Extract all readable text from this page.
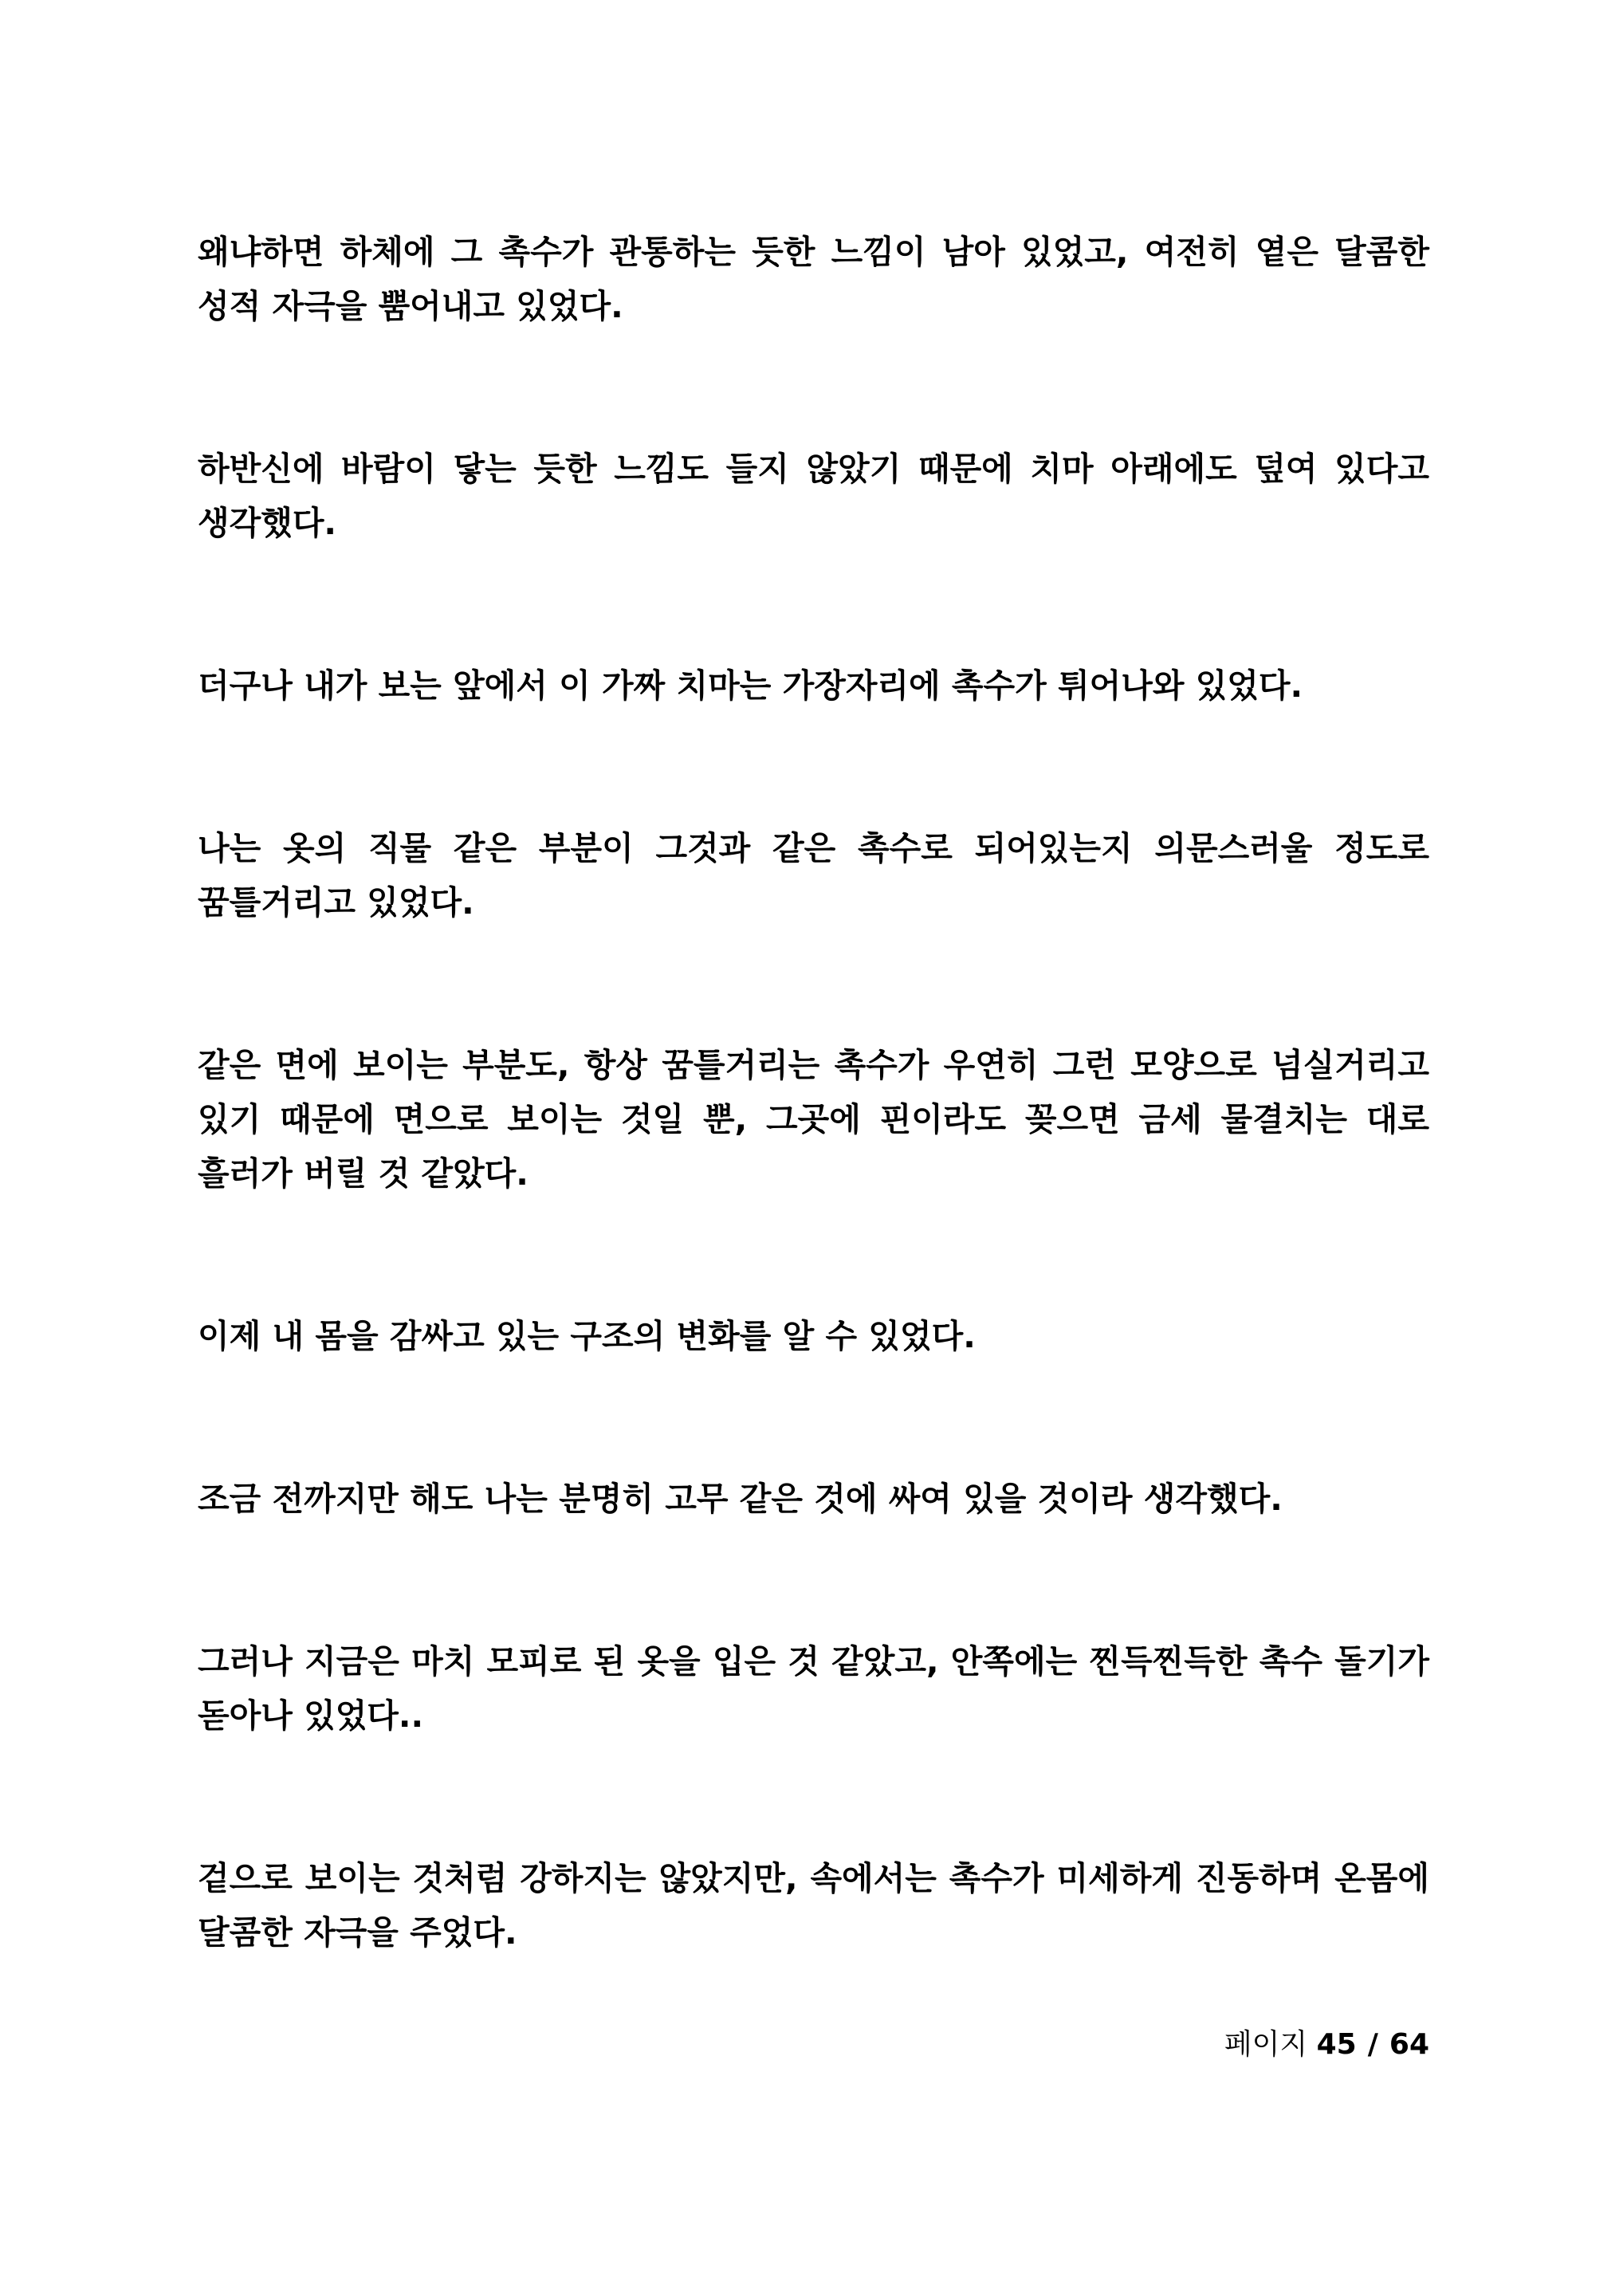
왜냐하면 하체에 그 촉수가 관통하는 듯한 느낌이 남아 있었고, 여전히 옅은 달콤한 성적 자극을 뿜어내고 있었다.

하반신에 바람이 닿는 듯한 느낌도 들지 않았기 때문에 치마 아래에도 덮여 있다고 생각했다.

더구나 내가 보는 앞에서 이 가짜 치마는 가장자리에 촉수가 튀어나와 있었다.

나는 옷의 직물 같은 부분이 그것과 같은 촉수로 되어있는지 의문스러울 정도로 꿈틀거리고 있었다.

같은 면에 보이는 부분도, 항상 꿈틀거리는 촉수가 우연히 그런 모양으로 넘실거리고 있기 때문에 면으로 보이는 것일 뿐, 그곳에 핀이라도 꽂으면 금세 물결치는 대로 흘러가 버릴 것 같았다.

이제 내 몸을 감싸고 있는 구조의 변화를 알 수 있었다.

조금 전까지만 해도 나는 분명히 고무 같은 것에 싸여 있을 것이라 생각했다.

그러나 지금은 마치 모피로 된 옷을 입은 것 같았고, 안쪽에는 찐득찐득한 촉수 돌기가 돋아나 있었다..

겉으로 보이는 것처럼 강하지는 않았지만, 속에서는 촉수가 미세하게 진동하며 온몸에 달콤한 자극을 주었다.

페이지 45 / 64
